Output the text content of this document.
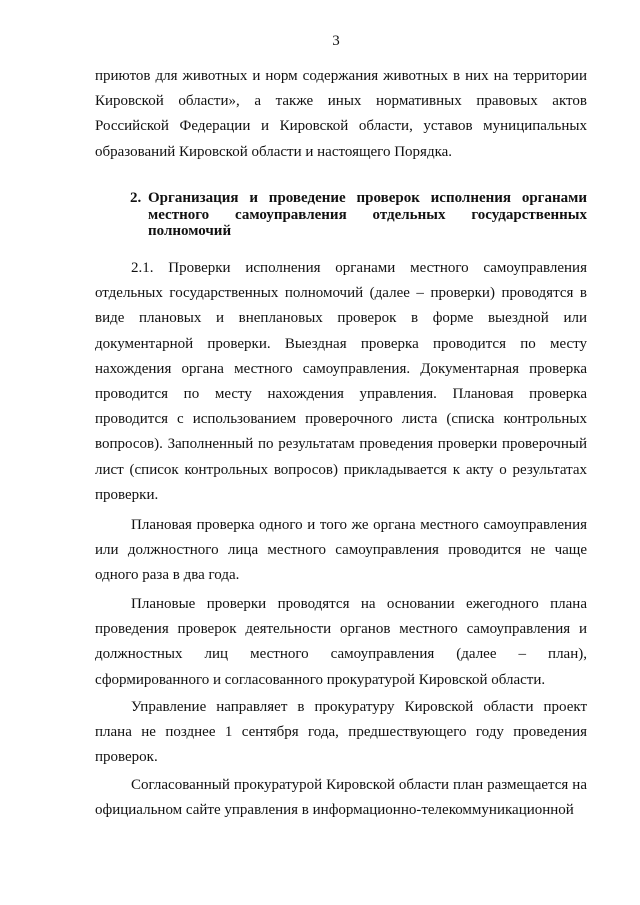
3

приютов для животных и норм содержания животных в них на территории Кировской области», а также иных нормативных правовых актов Российской Федерации и Кировской области, уставов муниципальных образований Кировской области и настоящего Порядка.

2. Организация и проведение проверок исполнения органами местного самоуправления отдельных государственных полномочий

2.1. Проверки исполнения органами местного самоуправления отдельных государственных полномочий (далее – проверки) проводятся в виде плановых и внеплановых проверок в форме выездной или документарной проверки. Выездная проверка проводится по месту нахождения органа местного самоуправления. Документарная проверка проводится по месту нахождения управления. Плановая проверка проводится с использованием проверочного листа (списка контрольных вопросов). Заполненный по результатам проведения проверки проверочный лист (список контрольных вопросов) прикладывается к акту о результатах проверки.

Плановая проверка одного и того же органа местного самоуправления или должностного лица местного самоуправления проводится не чаще одного раза в два года.

Плановые проверки проводятся на основании ежегодного плана проведения проверок деятельности органов местного самоуправления и должностных лиц местного самоуправления (далее – план), сформированного и согласованного прокуратурой Кировской области.

Управление направляет в прокуратуру Кировской области проект плана не позднее 1 сентября года, предшествующего году проведения проверок.

Согласованный прокуратурой Кировской области план размещается на официальном сайте управления в информационно-телекоммуникационной
